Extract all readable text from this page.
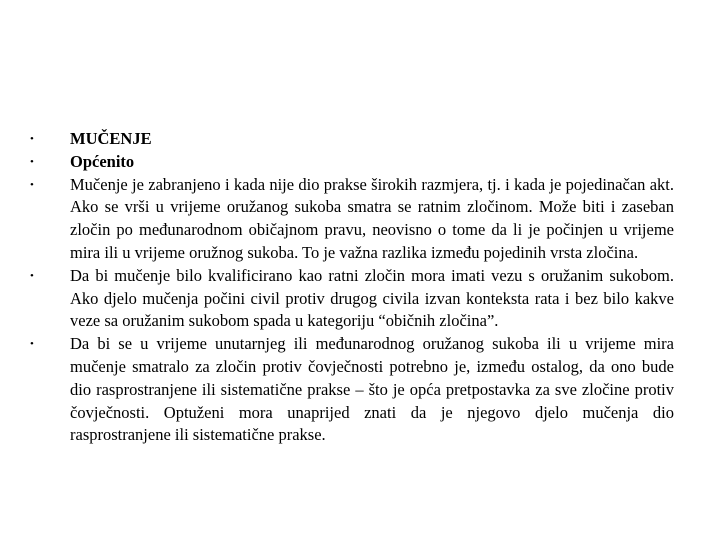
•	MUČENJE
•	Općenito
•	Mučenje je zabranjeno i kada nije dio prakse širokih razmjera, tj. i kada je pojedinačan akt. Ako se vrši u vrijeme oružanog sukoba smatra se ratnim zločinom. Može biti i zaseban zločin po međunarodnom običajnom pravu, neovisno o tome da li je počinjen u vrijeme mira ili u vrijeme oružnog sukoba. To je važna razlika između pojedinih vrsta zločina.
•	Da bi mučenje bilo kvalificirano kao ratni zločin mora imati vezu s oružanim sukobom. Ako djelo mučenja počini civil protiv drugog civila izvan konteksta rata i bez bilo kakve veze sa oružanim sukobom spada u kategoriju “običnih zločina”.
•	Da bi se u vrijeme unutarnjeg ili međunarodnog oružanog sukoba ili u vrijeme mira mučenje smatralo za zločin protiv čovječnosti potrebno je, između ostalog, da ono bude dio rasprostranjene ili sistematične prakse – što je opća pretpostavka za sve zločine protiv čovječnosti. Optuženi mora unaprijed znati da je njegovo djelo mučenja dio rasprostranjene ili sistematične prakse.
